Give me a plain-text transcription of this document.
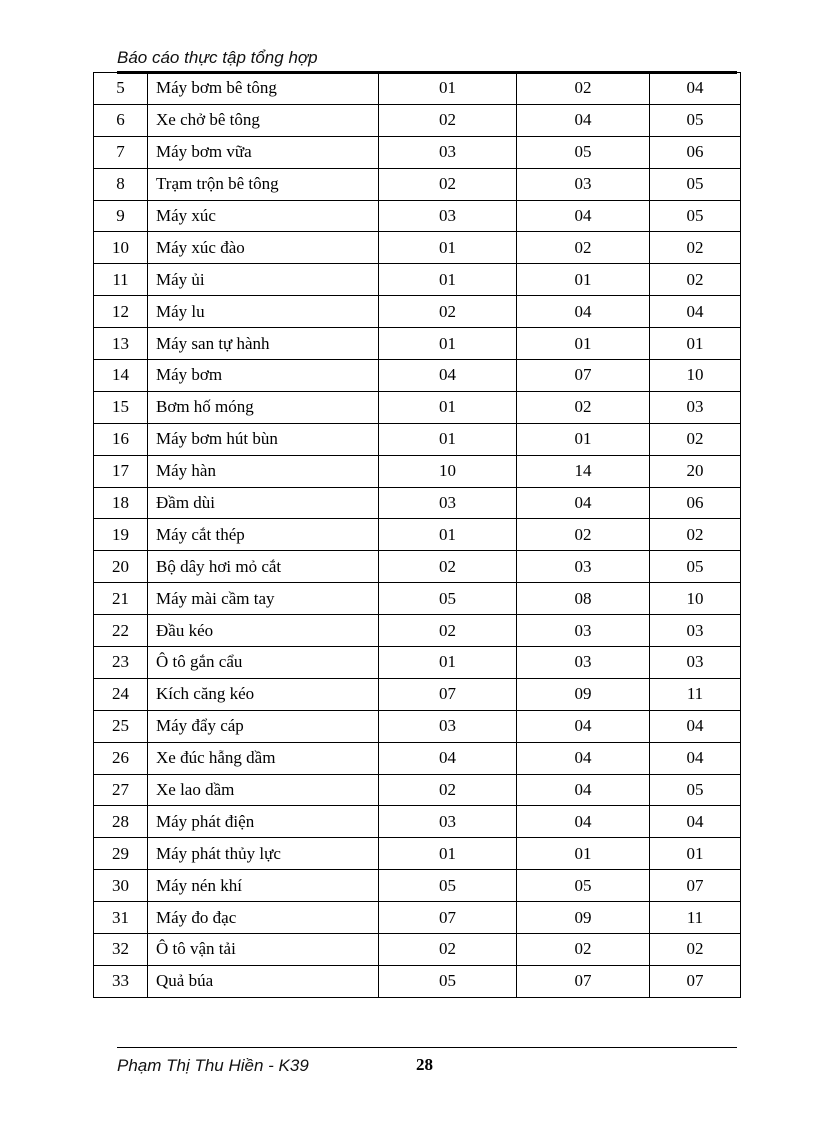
Báo cáo thực tập tổng hợp
5	Máy bơm bê tông	01	02	04
6	Xe chở bê tông	02	04	05
7	Máy bơm vữa	03	05	06
8	Trạm trộn bê tông	02	03	05
9	Máy xúc	03	04	05
10	Máy xúc đào	01	02	02
11	Máy ủi	01	01	02
12	Máy lu	02	04	04
13	Máy san tự hành	01	01	01
14	Máy bơm	04	07	10
15	Bơm hố móng	01	02	03
16	Máy bơm hút bùn	01	01	02
17	Máy hàn	10	14	20
18	Đầm dùi	03	04	06
19	Máy cắt thép	01	02	02
20	Bộ dây hơi mỏ cắt	02	03	05
21	Máy mài cầm tay	05	08	10
22	Đầu kéo	02	03	03
23	Ô tô gắn cẩu	01	03	03
24	Kích căng kéo	07	09	11
25	Máy đẩy cáp	03	04	04
26	Xe đúc hẫng dầm	04	04	04
27	Xe lao dầm	02	04	05
28	Máy phát điện	03	04	04
29	Máy phát thủy lực	01	01	01
30	Máy nén khí	05	05	07
31	Máy đo đạc	07	09	11
32	Ô tô vận tải	02	02	02
33	Quả búa	05	07	07
Phạm Thị Thu Hiền - K39	28
